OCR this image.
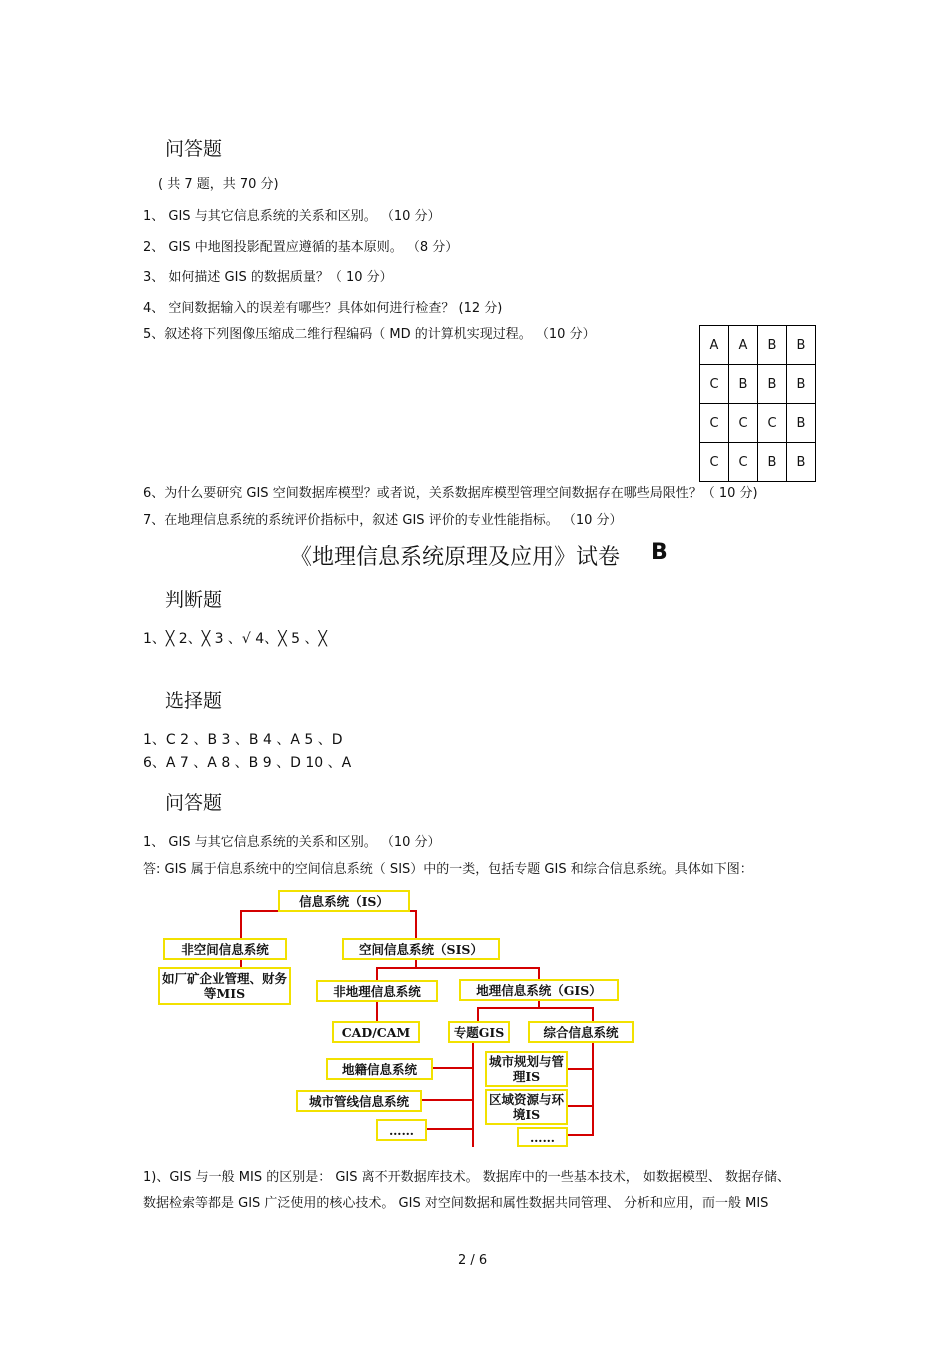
问答题
( 共 7 题，共 70 分)
1、 GIS 与其它信息系统的关系和区别。 （10 分）
2、 GIS 中地图投影配置应遵循的基本原则。 （8 分）
3、 如何描述 GIS 的数据质量？（ 10 分）
4、 空间数据输入的误差有哪些？具体如何进行检查？ (12 分)
5、叙述将下列图像压缩成二维行程编码（ MD 的计算机实现过程。 （10 分）
A	A	B	B
C	B	B	B
C	C	C	B
C	C	B	B
6、为什么要研究 GIS 空间数据库模型？或者说，关系数据库模型管理空间数据存在哪些局限性？（ 10 分)
7、在地理信息系统的系统评价指标中，叙述 GIS 评价的专业性能指标。 （10 分）
《地理信息系统原理及应用》试卷 B
判断题
1、╳ 2、╳ 3 、√ 4、╳ 5 、╳
选择题
1、C 2 、B 3 、B 4 、A 5 、D
6、A 7 、A 8 、B 9 、D 10 、A
问答题
1、 GIS 与其它信息系统的关系和区别。 （10 分）
答: GIS 属于信息系统中的空间信息系统（ SIS）中的一类，包括专题 GIS 和综合信息系统。具体如下图：
信息系统（IS）
非空间信息系统
如厂矿企业管理、财务等MIS
空间信息系统（SIS）
非地理信息系统	地理信息系统（GIS）
CAD/CAM	专题GIS	综合信息系统
地籍信息系统
城市管线信息系统
……
城市规划与管理IS
区域资源与环境IS
……
1)、GIS 与一般 MIS 的区别是： GIS 离不开数据库技术。 数据库中的一些基本技术， 如数据模型、 数据存储、
数据检索等都是 GIS 广泛使用的核心技术。 GIS 对空间数据和属性数据共同管理、 分析和应用，而一般 MIS
2 / 6
